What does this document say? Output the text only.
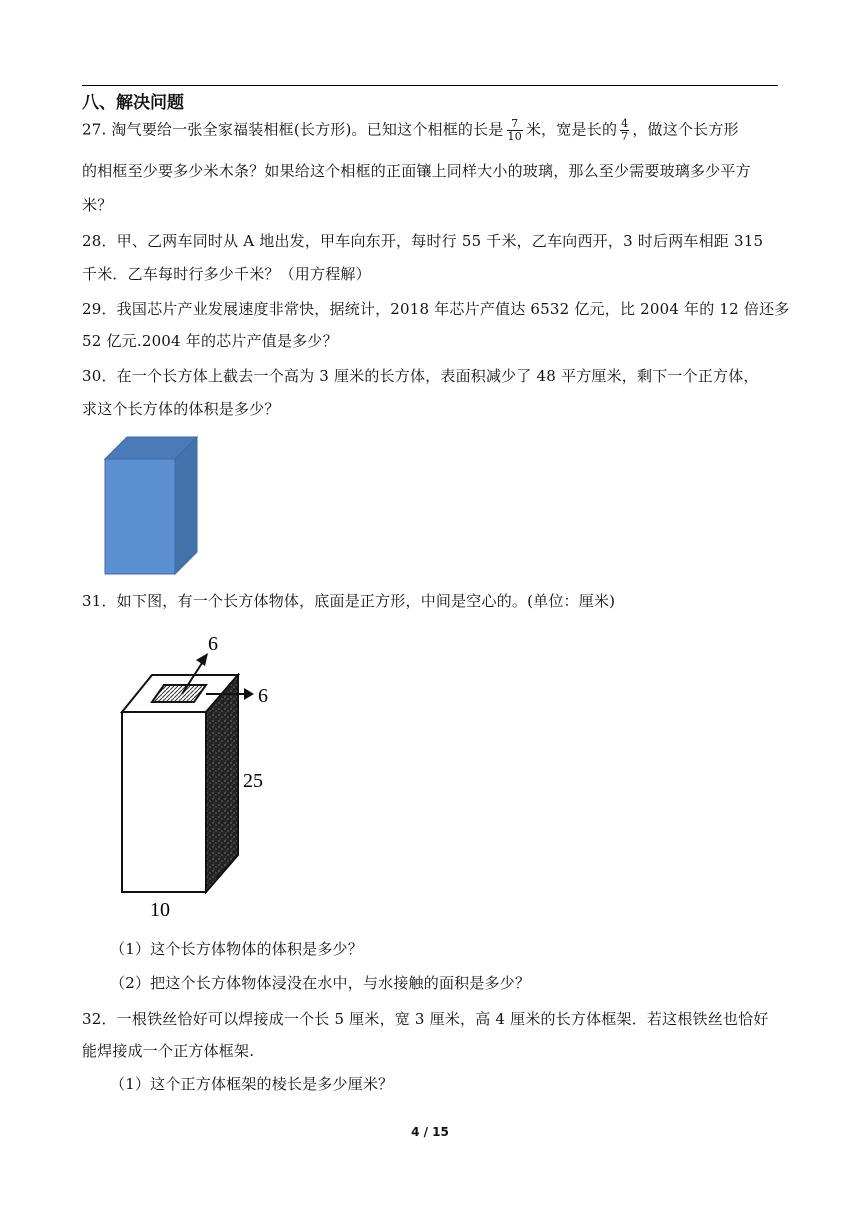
八、解决问题
27. 淘气要给一张全家福装相框(长方形)。已知这个相框的长是 $\frac{7}{10}$ 米，宽是长的 $\frac{4}{7}$ ，做这个长方形
的相框至少要多少米木条？如果给这个相框的正面镶上同样大小的玻璃，那么至少需要玻璃多少平方
米？
28．甲、乙两车同时从 A 地出发，甲车向东开，每时行 55 千米，乙车向西开，3 时后两车相距 315
千米．乙车每时行多少千米？（用方程解）
29．我国芯片产业发展速度非常快，据统计，2018 年芯片产值达 6532 亿元，比 2004 年的 12 倍还多
52 亿元.2004 年的芯片产值是多少？
30．在一个长方体上截去一个高为 3 厘米的长方体，表面积减少了 48 平方厘米，剩下一个正方体，
求这个长方体的体积是多少？
31．如下图，有一个长方体物体，底面是正方形，中间是空心的。(单位：厘米)
6
6
25
10
（1）这个长方体物体的体积是多少？
（2）把这个长方体物体浸没在水中，与水接触的面积是多少？
32．一根铁丝恰好可以焊接成一个长 5 厘米，宽 3 厘米，高 4 厘米的长方体框架．若这根铁丝也恰好
能焊接成一个正方体框架.
（1）这个正方体框架的棱长是多少厘米？
4 / 15
